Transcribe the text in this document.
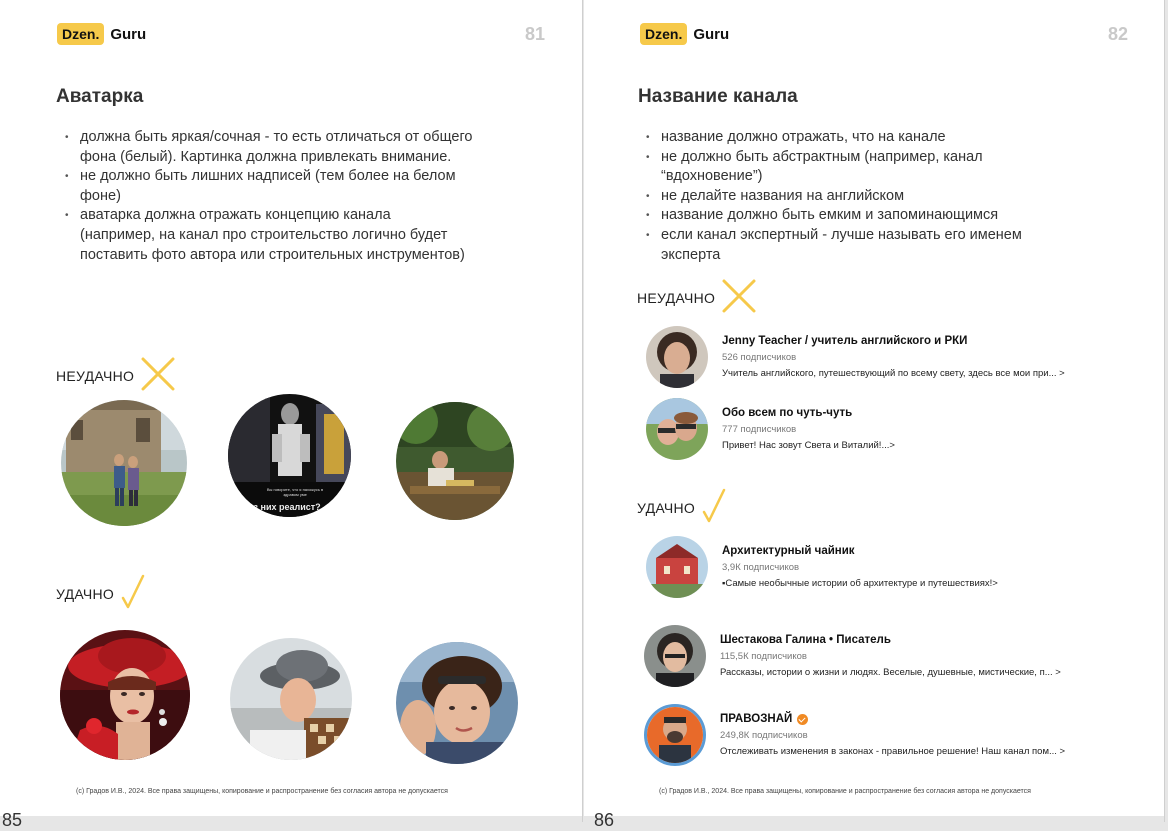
Dzen. Guru	81
Аватарка
• должна быть яркая/сочная - то есть отличаться от общего
фона (белый). Картинка должна привлекать внимание.
• не должно быть лишних надписей (тем более на белом
фоне)
• аватарка должна отражать концепцию канала
(например, на канал про строительство логично будет
поставить фото автора или строительных инструментов)
НЕУДАЧНО
Вы говорите, что я нахожусь в здравом уме
из них реалист?
УДАЧНО
(с) Градов И.В., 2024. Все права защищены, копирование и распространение без согласия автора не допускается
85
Dzen. Guru	82
Название канала
• название должно отражать, что на канале
• не должно быть абстрактным (например, канал
“вдохновение”)
• не делайте названия на английском
• название должно быть емким и запоминающимся
• если канал экспертный - лучше называть его именем
эксперта
НЕУДАЧНО
Jenny Teacher / учитель английского и РКИ
526 подписчиков
Учитель английского, путешествующий по всему свету, здесь все мои при... >
Обо всем по чуть-чуть
777 подписчиков
Привет! Нас зовут Света и Виталий!...>
УДАЧНО
Архитектурный чайник
3,9К подписчиков
▪Самые необычные истории об архитектуре и путешествиях!>
Шестакова Галина • Писатель
115,5К подписчиков
Рассказы, истории о жизни и людях. Веселые, душевные, мистические, п... >
ПРАВОЗНАЙ
249,8К подписчиков
Отслеживать изменения в законах - правильное решение! Наш канал пом... >
(с) Градов И.В., 2024. Все права защищены, копирование и распространение без согласия автора не допускается
86
